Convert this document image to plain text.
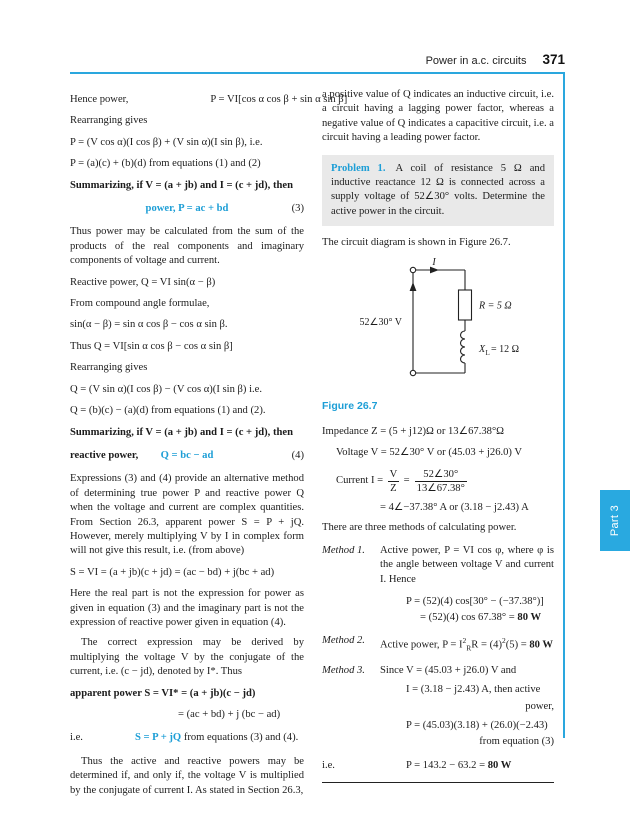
Power in a.c. circuits 371
Part 3
Hence power,	P = VI[cos α cos β + sin α sin β]
Rearranging gives
P = (V cos α)(I cos β) + (V sin α)(I sin β), i.e.
P = (a)(c) + (b)(d) from equations (1) and (2)
Summarizing, if V = (a + jb) and I = (c + jd), then
power, P = ac + bd	(3)

Thus power may be calculated from the sum of the products of the real components and imaginary components of voltage and current.

Reactive power, Q = VI sin(α − β)
From compound angle formulae,
sin(α − β) = sin α cos β − cos α sin β.
Thus Q = VI[sin α cos β − cos α sin β]
Rearranging gives
Q = (V sin α)(I cos β) − (V cos α)(I sin β) i.e.
Q = (b)(c) − (a)(d) from equations (1) and (2).
Summarizing, if V = (a + jb) and I = (c + jd), then
reactive power, Q = bc − ad	(4)

Expressions (3) and (4) provide an alternative method of determining true power P and reactive power Q when the voltage and current are complex quantities. From Section 26.3, apparent power S = P + jQ. However, merely multiplying V by I in complex form will not give this result, i.e. (from above)

S = VI = (a + jb)(c + jd) = (ac − bd) + j(bc + ad)

Here the real part is not the expression for power as given in equation (3) and the imaginary part is not the expression of reactive power given in equation (4).

The correct expression may be derived by multiplying the voltage V by the conjugate of the current, i.e. (c − jd), denoted by I*. Thus

apparent power S = VI* = (a + jb)(c − jd)
= (ac + bd) + j (bc − ad)
i.e.	S = P + jQ from equations (3) and (4).

Thus the active and reactive powers may be determined if, and only if, the voltage V is multiplied by the conjugate of current I. As stated in Section 26.3,

a positive value of Q indicates an inductive circuit, i.e. a circuit having a lagging power factor, whereas a negative value of Q indicates a capacitive circuit, i.e. a circuit having a leading power factor.

Problem 1. A coil of resistance 5 Ω and inductive reactance 12 Ω is connected across a supply voltage of 52∠30° volts. Determine the active power in the circuit.

The circuit diagram is shown in Figure 26.7.

I
52∠30° V
R = 5 Ω
X L = 12 Ω
Figure 26.7
Impedance Z = (5 + j12)Ω or 13∠67.38°Ω
Voltage V = 52∠30° V or (45.03 + j26.0) V
Current $I = \frac{V}{Z} = \frac{52\angle 30^\circ}{13\angle 67.38^\circ}$
= 4∠−37.38° A or (3.18 − j2.43) A

There are three methods of calculating power.

Method 1.	Active power, P = VI cos φ, where φ is the angle between voltage V and current I. Hence
P = (52)(4) cos[30° − (−37.38°)]
= (52)(4) cos 67.38° = 80 W
Method 2.	Active power, $P = I^2_RR = (4)^2(5) = 80$ W
Method 3.	Since V = (45.03 + j26.0) V and
I = (3.18 − j2.43) A, then active
power,
P = (45.03)(3.18) + (26.0)(−2.43)
from equation (3)
i.e.	P = 143.2 − 63.2 = 80 W
